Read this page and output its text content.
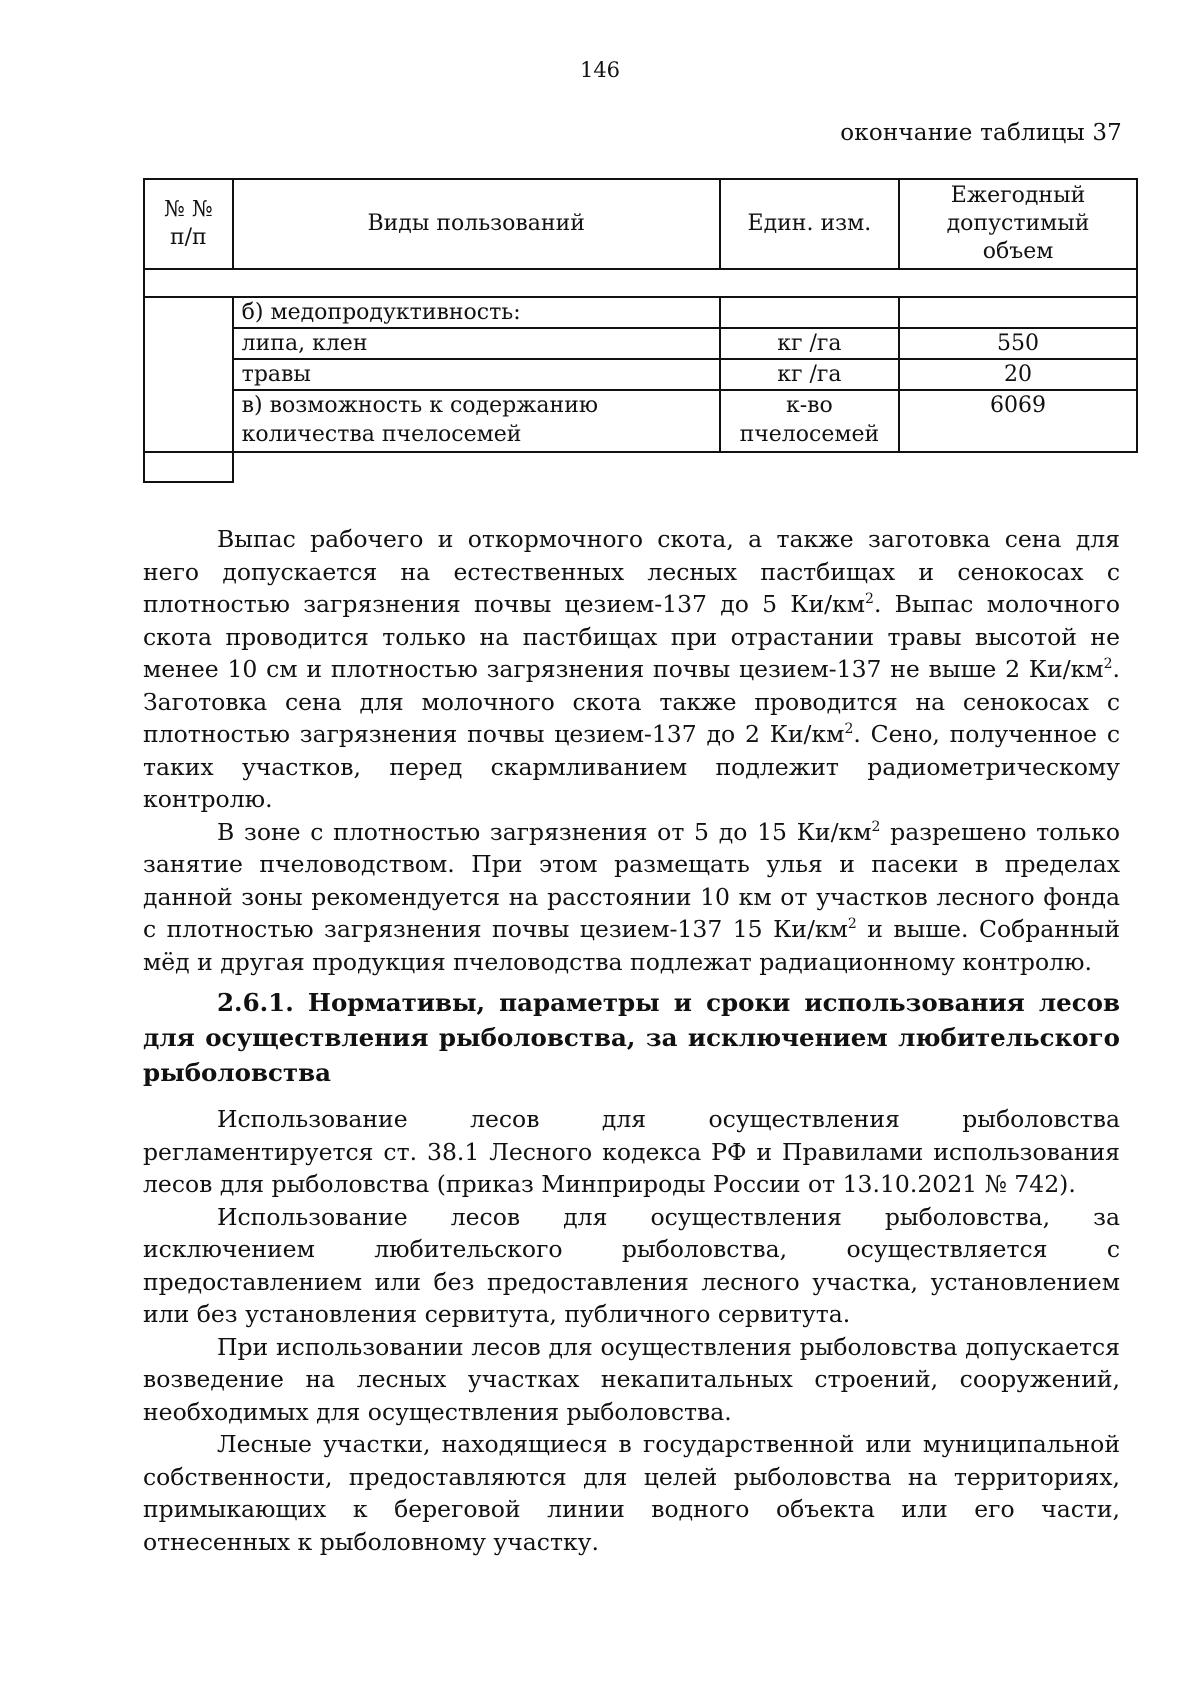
146
окончание таблицы 37
№ № п/п	Виды пользований	Един. изм.	Ежегодный допустимый объем

	б) медопродуктивность:		
	липа, клен	кг /га	550
	травы	кг /га	20
	в) возможность к содержанию количества пчелосемей	к-во пчелосемей	6069

Выпас рабочего и откормочного скота, а также заготовка сена для него допускается на естественных лесных пастбищах и сенокосах с плотностью загрязнения почвы цезием-137 до 5 $Ки/км^2$. Выпас молочного скота проводится только на пастбищах при отрастании травы высотой не менее 10 см и плотностью загрязнения почвы цезием-137 не выше 2 $Ки/км^2$. Заготовка сена для молочного скота также проводится на сенокосах с плотностью загрязнения почвы цезием-137 до 2 $Ки/км^2$. Сено, полученное с таких участков, перед скармливанием подлежит радиометрическому контролю.

В зоне с плотностью загрязнения от 5 до 15 $Ки/км^2$ разрешено только занятие пчеловодством. При этом размещать улья и пасеки в пределах данной зоны рекомендуется на расстоянии 10 км от участков лесного фонда с плотностью загрязнения почвы цезием-137 15 $Ки/км^2$ и выше. Собранный мёд и другая продукция пчеловодства подлежат радиационному контролю.

2.6.1. Нормативы, параметры и сроки использования лесов для осуществления рыболовства, за исключением любительского рыболовства

Использование лесов для осуществления рыболовства регламентируется ст. 38.1 Лесного кодекса РФ и Правилами использования лесов для рыболовства (приказ Минприроды России от 13.10.2021 № 742).

Использование лесов для осуществления рыболовства, за исключением любительского рыболовства, осуществляется с предоставлением или без предоставления лесного участка, установлением или без установления сервитута, публичного сервитута.

При использовании лесов для осуществления рыболовства допускается возведение на лесных участках некапитальных строений, сооружений, необходимых для осуществления рыболовства.

Лесные участки, находящиеся в государственной или муниципальной собственности, предоставляются для целей рыболовства на территориях, примыкающих к береговой линии водного объекта или его части, отнесенных к рыболовному участку.
